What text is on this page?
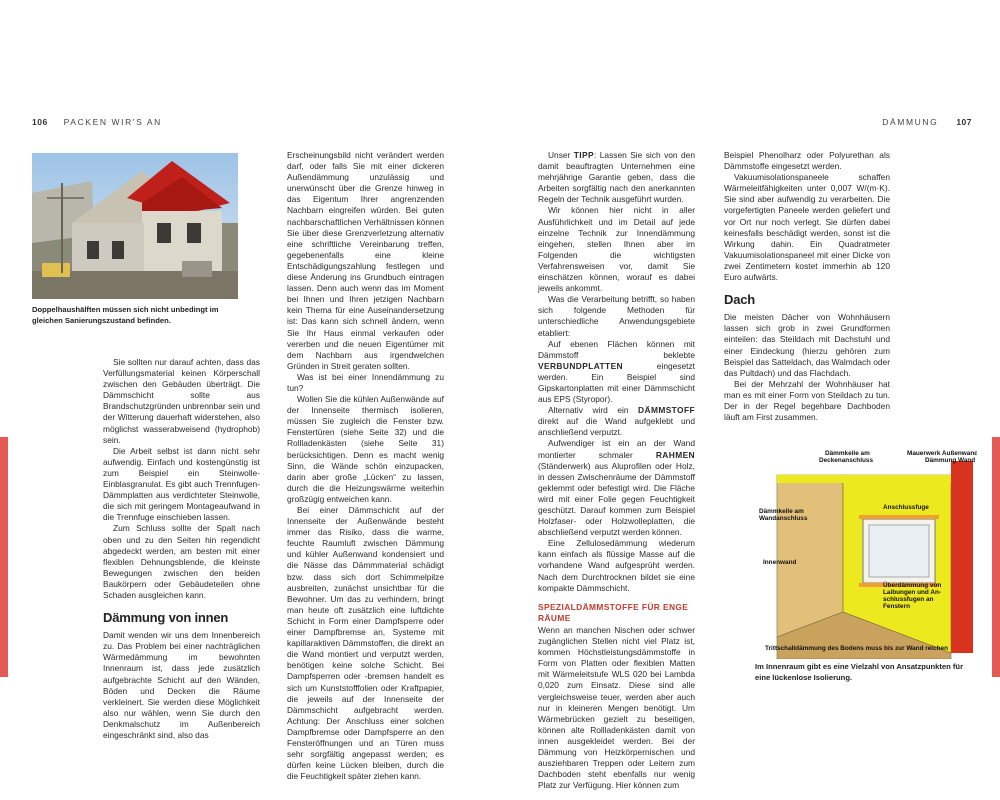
106 PACKEN WIR'S AN	DÄMMUNG 107
Doppelhaushälften müssen sich nicht unbedingt im gleichen Sanierungszustand befinden.

Sie sollten nur darauf achten, dass das Verfüllungsmaterial keinen Körperschall zwischen den Gebäuden überträgt. Die Dämmschicht sollte aus Brandschutzgründen unbrennbar sein und der Witterung dauerhaft widerstehen, also möglichst wasserabweisend (hydrophob) sein.

Die Arbeit selbst ist dann nicht sehr aufwendig. Einfach und kostengünstig ist zum Beispiel ein Steinwolle-Einblasgranulat. Es gibt auch Trennfugen-Dämmplatten aus verdichteter Steinwolle, die sich mit geringem Montageaufwand in die Trennfuge einschieben lassen.

Zum Schluss sollte der Spalt nach oben und zu den Seiten hin regendicht abgedeckt werden, am besten mit einer flexiblen Dehnungsblende, die kleinste Bewegungen zwischen den beiden Baukörpern oder Gebäudeteilen ohne Schaden ausgleichen kann.

Dämmung von innen

Damit wenden wir uns dem Innenbereich zu. Das Problem bei einer nachträglichen Wärmedämmung im bewohnten Innenraum ist, dass jede zusätzlich aufgebrachte Schicht auf den Wänden, Böden und Decken die Räume verkleinert. Sie werden diese Möglichkeit also nur wählen, wenn Sie durch den Denkmalschutz im Außenbereich eingeschränkt sind, also das

Erscheinungsbild nicht verändert werden darf, oder falls Sie mit einer dickeren Außendämmung unzulässig und unerwünscht über die Grenze hinweg in das Eigentum Ihrer angrenzenden Nachbarn eingreifen würden. Bei guten nachbarschaftlichen Verhältnissen können Sie über diese Grenzverletzung alternativ eine schriftliche Vereinbarung treffen, gegebenenfalls eine kleine Entschädigungszahlung festlegen und diese Änderung ins Grundbuch eintragen lassen. Denn auch wenn das im Moment bei Ihnen und Ihren jetzigen Nachbarn kein Thema für eine Auseinandersetzung ist: Das kann sich schnell ändern, wenn Sie Ihr Haus einmal verkaufen oder vererben und die neuen Eigentümer mit dem Nachbarn aus irgendwelchen Gründen in Streit geraten sollten.

Was ist bei einer Innendämmung zu tun?

Wollen Sie die kühlen Außenwände auf der Innenseite thermisch isolieren, müssen Sie zugleich die Fenster bzw. Fenstertüren (siehe Seite 32) und die Rollladenkästen (siehe Seite 31) berücksichtigen. Denn es macht wenig Sinn, die Wände schön einzupacken, darin aber große „Lücken“ zu lassen, durch die die Heizungswärme weiterhin großzügig entweichen kann.

Bei einer Dämmschicht auf der Innenseite der Außenwände besteht immer das Risiko, dass die warme, feuchte Raumluft zwischen Dämmung und kühler Außenwand kondensiert und die Nässe das Dämmmaterial schädigt bzw. dass sich dort Schimmelpilze ausbreiten, zunächst unsichtbar für die Bewohner. Um das zu verhindern, bringt man heute oft zusätzlich eine luftdichte Schicht in Form einer Dampfsperre oder einer Dampfbremse an, Systeme mit kapillaraktiven Dämmstoffen, die direkt an die Wand montiert und verputzt werden, benötigen keine solche Schicht. Bei Dampfsperren oder -bremsen handelt es sich um Kunststofffolien oder Kraftpapier, die jeweils auf der Innenseite der Dämmschicht aufgebracht werden. Achtung: Der Anschluss einer solchen Dampfbremse oder Dampfsperre an den Fensteröffnungen und an Türen muss sehr sorgfältig angepasst werden; es dürfen keine Lücken bleiben, durch die die Feuchtigkeit später ziehen kann.

Unser TIPP: Lassen Sie sich von den damit beauftragten Unternehmen eine mehrjährige Garantie geben, dass die Arbeiten sorgfältig nach den anerkannten Regeln der Technik ausgeführt wurden.

Wir können hier nicht in aller Ausführlichkeit und im Detail auf jede einzelne Technik zur Innendämmung eingehen, stellen Ihnen aber im Folgenden die wichtigsten Verfahrensweisen vor, damit Sie einschätzen können, worauf es dabei jeweils ankommt.

Was die Verarbeitung betrifft, so haben sich folgende Methoden für unterschiedliche Anwendungsgebiete etabliert:

Auf ebenen Flächen können mit Dämmstoff beklebte VERBUNDPLATTEN eingesetzt werden. Ein Beispiel sind Gipskartonplatten mit einer Dämmschicht aus EPS (Styropor).

Alternativ wird ein DÄMMSTOFF direkt auf die Wand aufgeklebt und anschließend verputzt.

Aufwendiger ist ein an der Wand montierter schmaler RAHMEN (Ständerwerk) aus Aluprofilen oder Holz, in dessen Zwischenräume der Dämmstoff geklemmt oder befestigt wird. Die Fläche wird mit einer Folie gegen Feuchtigkeit geschützt. Darauf kommen zum Beispiel Holzfaser- oder Holzwolleplatten, die abschließend verputzt werden können.

Eine Zellulosedämmung wiederum kann einfach als flüssige Masse auf die vorhandene Wand aufgesprüht werden. Nach dem Durchtrocknen bildet sie eine kompakte Dämmschicht.

SPEZIALDÄMMSTOFFE FÜR ENGE RÄUME

Wenn an manchen Nischen oder schwer zugänglichen Stellen nicht viel Platz ist, kommen Höchstleistungsdämmstoffe in Form von Platten oder flexiblen Matten mit Wärmeleitstufe WLS 020 bei Lambda 0,020 zum Einsatz. Diese sind alle vergleichsweise teuer, werden aber auch nur in kleineren Mengen benötigt. Um Wärmebrücken gezielt zu beseitigen, können alte Rollladenkästen damit von innen ausgekleidet werden. Bei der Dämmung von Heizkörpernischen und ausziehbaren Treppen oder Leitern zum Dachboden steht ebenfalls nur wenig Platz zur Verfügung. Hier können zum

Beispiel Phenolharz oder Polyurethan als Dämmstoffe eingesetzt werden.

Vakuumisolationspaneele schaffen Wärmeleitfähigkeiten unter 0,007 W/(m·K). Sie sind aber aufwendig zu verarbeiten. Die vorgefertigten Paneele werden geliefert und vor Ort nur noch verlegt. Sie dürfen dabei keinesfalls beschädigt werden, sonst ist die Wirkung dahin. Ein Quadratmeter Vakuumisolationspaneel mit einer Dicke von zwei Zentimetern kostet immerhin ab 120 Euro aufwärts.

Dach

Die meisten Dächer von Wohnhäusern lassen sich grob in zwei Grundformen einteilen: das Steildach mit Dachstuhl und einer Eindeckung (hierzu gehören zum Beispiel das Satteldach, das Walmdach oder das Pultdach) und das Flachdach.

Bei der Mehrzahl der Wohnhäuser hat man es mit einer Form von Steildach zu tun. Der in der Regel begehbare Dachboden läuft am First zusammen.

Dämmkeile am Deckenanschluss
Mauerwerk Außenwand Dämmung Wand
Anschlussfuge
Dämmkeile am Wandanschluss
Innenwand
Überdämmung von Laibungen und An-schlussfugen an Fenstern
Trittschalldämmung des Bodens muss bis zur Wand reichen
Im Innenraum gibt es eine Vielzahl von Ansatzpunkten für eine lückenlose Isolierung.
